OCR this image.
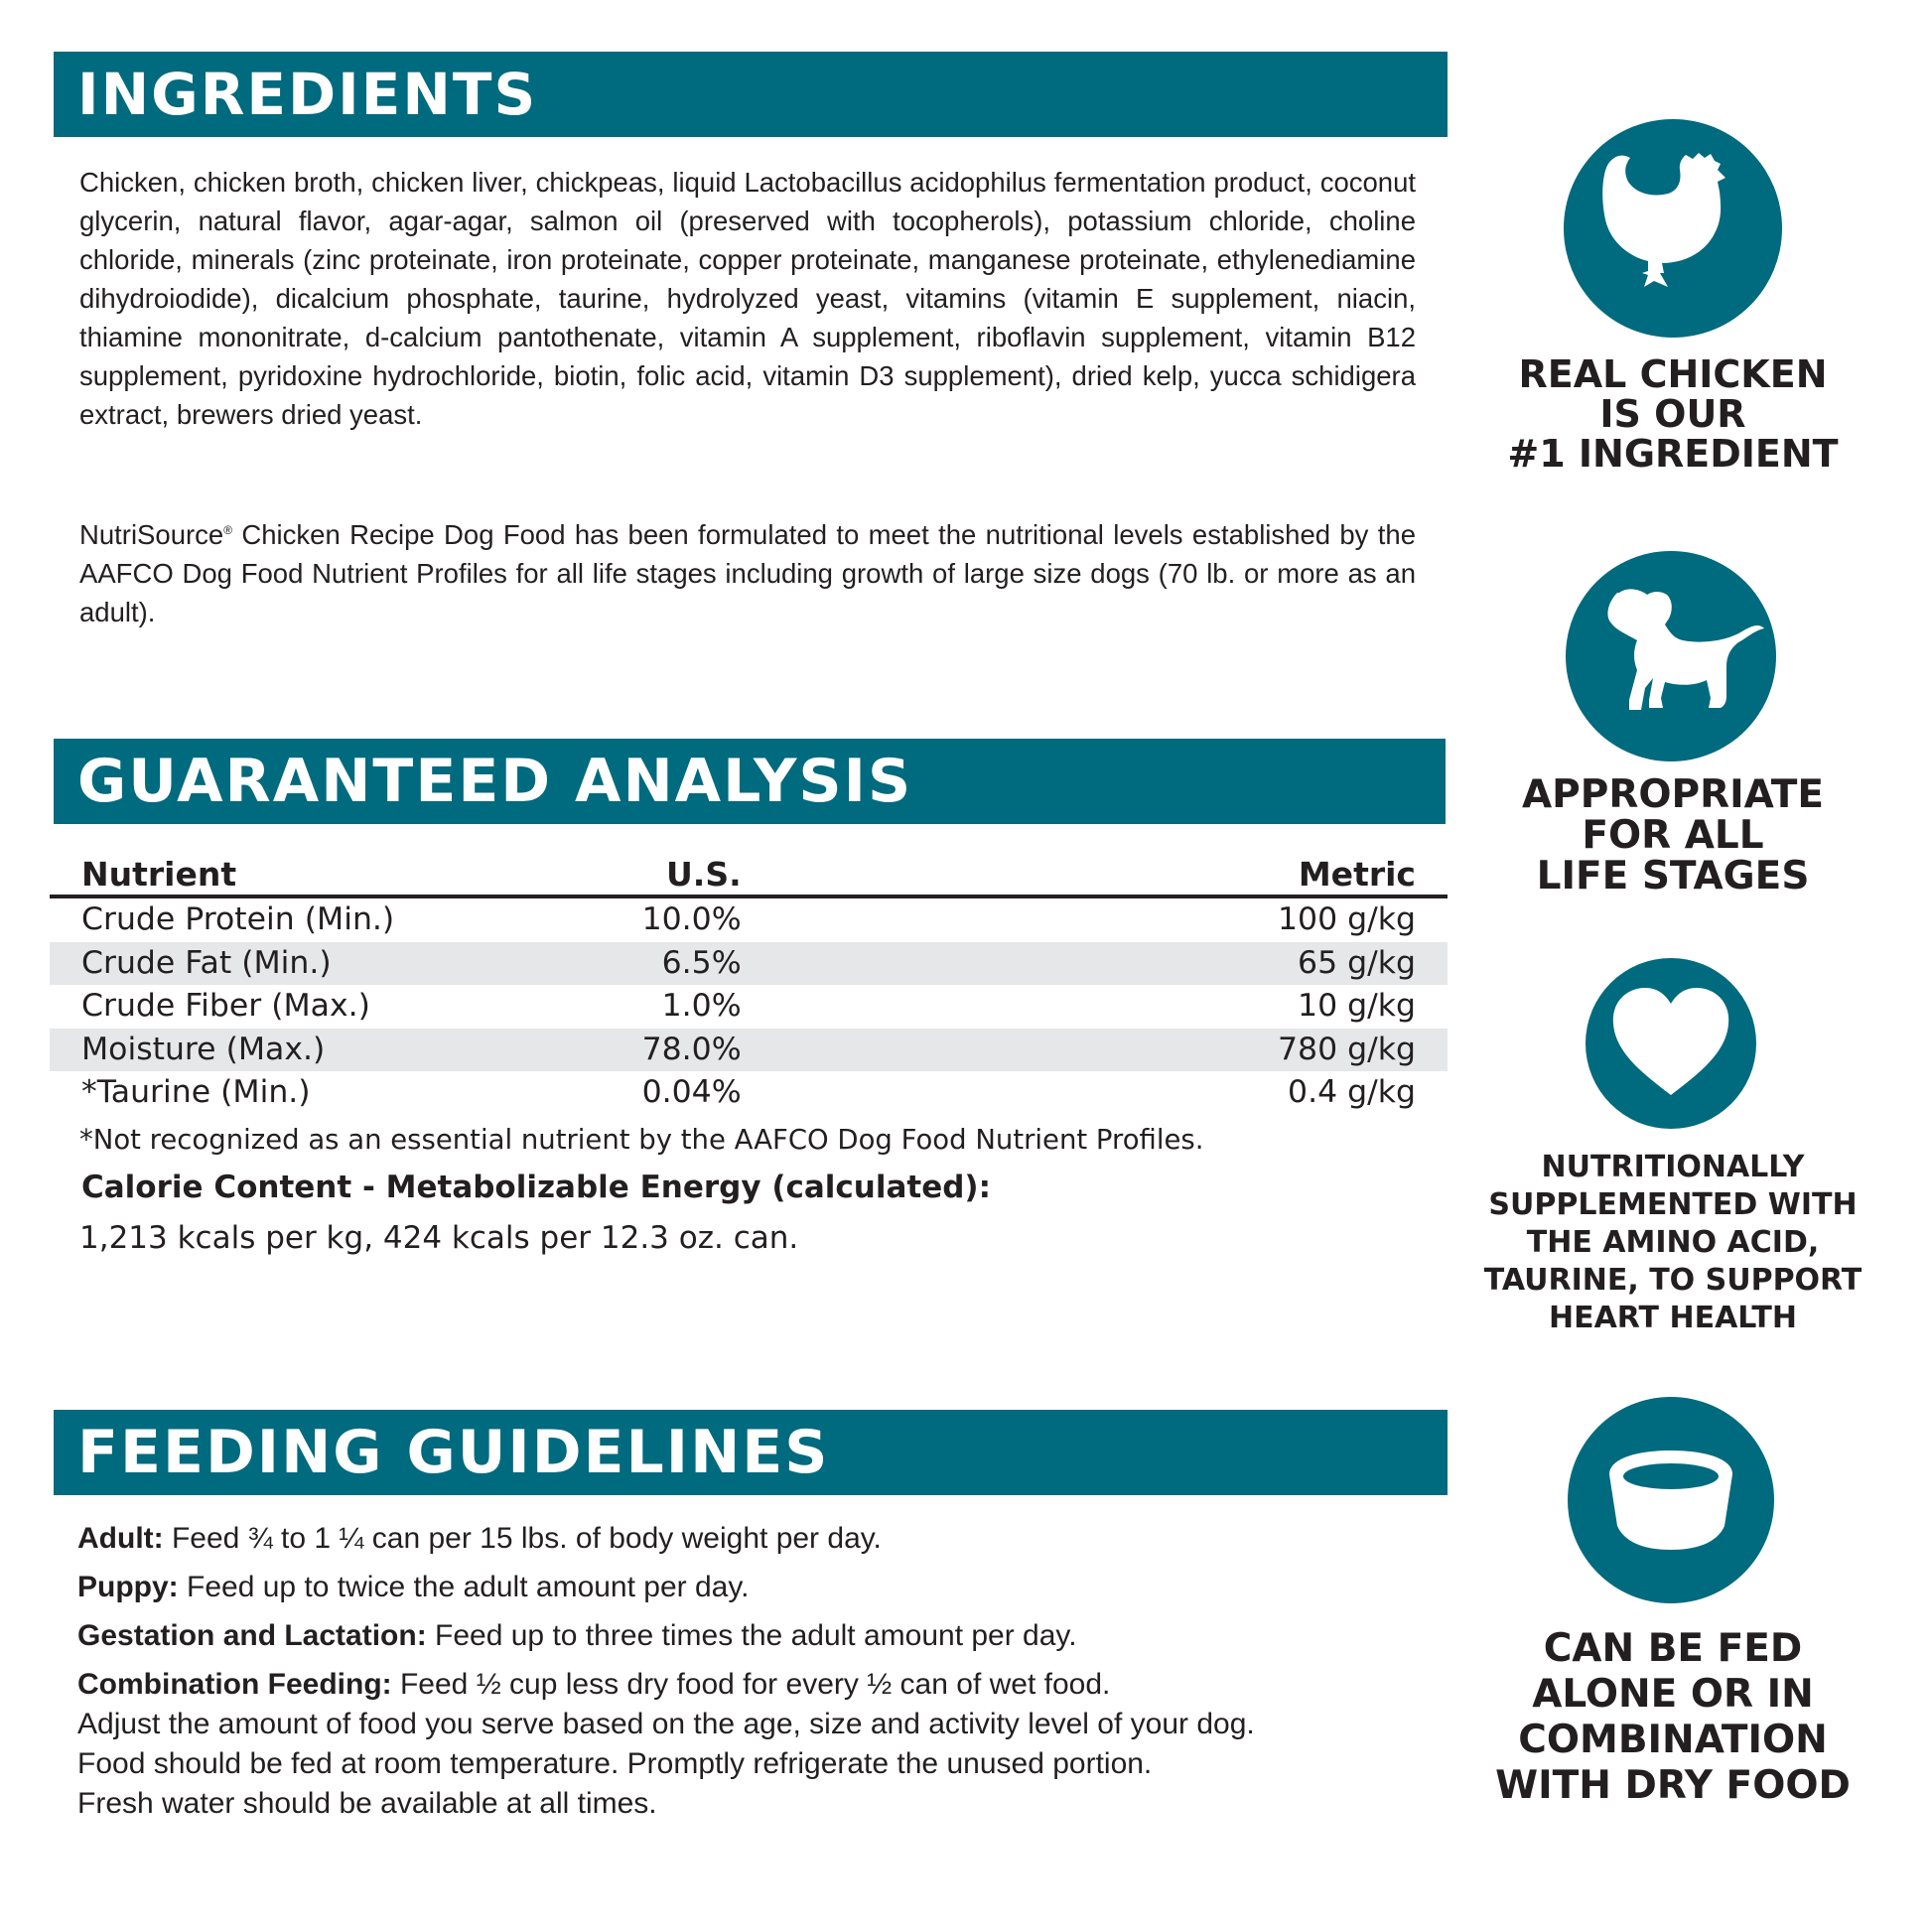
INGREDIENTS

Chicken, chicken broth, chicken liver, chickpeas, liquid Lactobacillus acidophilus fermentation product, coconut glycerin, natural flavor, agar-agar, salmon oil (preserved with tocopherols), potassium chloride, choline chloride, minerals (zinc proteinate, iron proteinate, copper proteinate, manganese proteinate, ethylenediamine dihydroiodide), dicalcium phosphate, taurine, hydrolyzed yeast, vitamins (vitamin E supplement, niacin, thiamine mononitrate, d-calcium pantothenate, vitamin A supplement, riboflavin supplement, vitamin B12 supplement, pyridoxine hydrochloride, biotin, folic acid, vitamin D3 supplement), dried kelp, yucca schidigera extract, brewers dried yeast.

NutriSource® Chicken Recipe Dog Food has been formulated to meet the nutritional levels established by the AAFCO Dog Food Nutrient Profiles for all life stages including growth of large size dogs (70 lb. or more as an adult).

GUARANTEED ANALYSIS
Nutrient	U.S.	Metric
Crude Protein (Min.)	10.0%	100 g/kg
Crude Fat (Min.)	6.5%	65 g/kg
Crude Fiber (Max.)	1.0%	10 g/kg
Moisture (Max.)	78.0%	780 g/kg
*Taurine (Min.)	0.04%	0.4 g/kg
*Not recognized as an essential nutrient by the AAFCO Dog Food Nutrient Profiles.
Calorie Content - Metabolizable Energy (calculated):
1,213 kcals per kg, 424 kcals per 12.3 oz. can.
FEEDING GUIDELINES
Adult: Feed ¾ to 1 ¼ can per 15 lbs. of body weight per day.
Puppy: Feed up to twice the adult amount per day.
Gestation and Lactation: Feed up to three times the adult amount per day.
Combination Feeding: Feed ½ cup less dry food for every ½ can of wet food.
Adjust the amount of food you serve based on the age, size and activity level of your dog.
Food should be fed at room temperature. Promptly refrigerate the unused portion.
Fresh water should be available at all times.
REAL CHICKEN
IS OUR
#1 INGREDIENT
APPROPRIATE
FOR ALL
LIFE STAGES
NUTRITIONALLY
SUPPLEMENTED WITH
THE AMINO ACID,
TAURINE, TO SUPPORT
HEART HEALTH
CAN BE FED
ALONE OR IN
COMBINATION
WITH DRY FOOD
